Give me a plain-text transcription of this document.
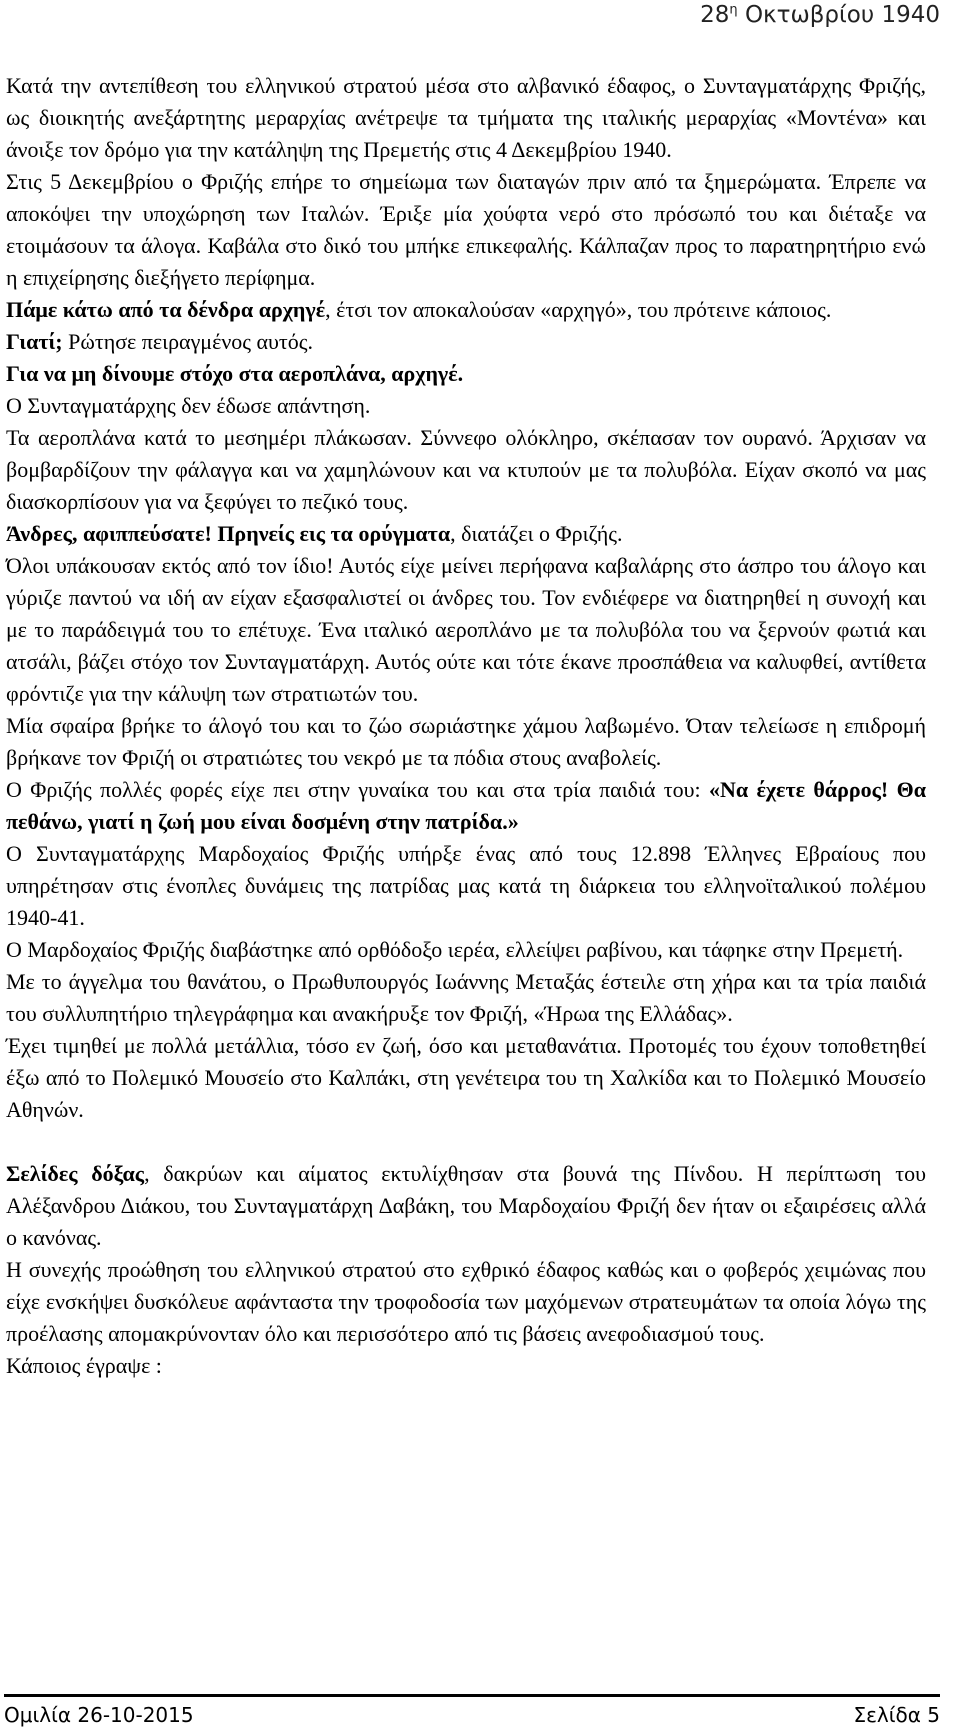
$28^\eta$ Οκτωβρίου 1940

Κατά την αντεπίθεση του ελληνικού στρατού μέσα στο αλβανικό έδαφος, ο Συνταγματάρχης Φριζής, ως διοικητής ανεξάρτητης μεραρχίας ανέτρεψε τα τμήματα της ιταλικής μεραρχίας «Μοντένα» και άνοιξε τον δρόμο για την κατάληψη της Πρεμετής στις 4 Δεκεμβρίου 1940.

Στις 5 Δεκεμβρίου ο Φριζής επήρε το σημείωμα των διαταγών πριν από τα ξημερώματα. Έπρεπε να αποκόψει την υποχώρηση των Ιταλών. Έριξε μία χούφτα νερό στο πρόσωπό του και διέταξε να ετοιμάσουν τα άλογα. Καβάλα στο δικό του μπήκε επικεφαλής. Κάλπαζαν προς το παρατηρητήριο ενώ η επιχείρησης διεξήγετο περίφημα.

Πάμε κάτω από τα δένδρα αρχηγέ, έτσι τον αποκαλούσαν «αρχηγό», του πρότεινε κάποιος.

Γιατί; Ρώτησε πειραγμένος αυτός.

Για να μη δίνουμε στόχο στα αεροπλάνα, αρχηγέ.

Ο Συνταγματάρχης δεν έδωσε απάντηση.

Τα αεροπλάνα κατά το μεσημέρι πλάκωσαν. Σύννεφο ολόκληρο, σκέπασαν τον ουρανό. Άρχισαν να βομβαρδίζουν την φάλαγγα και να χαμηλώνουν και να κτυπούν με τα πολυβόλα. Είχαν σκοπό να μας διασκορπίσουν για να ξεφύγει το πεζικό τους.

Άνδρες, αφιππεύσατε! Πρηνείς εις τα ορύγματα, διατάζει ο Φριζής.

Όλοι υπάκουσαν εκτός από τον ίδιο! Αυτός είχε μείνει περήφανα καβαλάρης στο άσπρο του άλογο και γύριζε παντού να ιδή αν είχαν εξασφαλιστεί οι άνδρες του. Τον ενδιέφερε να διατηρηθεί η συνοχή και με το παράδειγμά του το επέτυχε. Ένα ιταλικό αεροπλάνο με τα πολυβόλα του να ξερνούν φωτιά και ατσάλι, βάζει στόχο τον Συνταγματάρχη. Αυτός ούτε και τότε έκανε προσπάθεια να καλυφθεί, αντίθετα φρόντιζε για την κάλυψη των στρατιωτών του.

Μία σφαίρα βρήκε το άλογό του και το ζώο σωριάστηκε χάμου λαβωμένο. Όταν τελείωσε η επιδρομή βρήκανε τον Φριζή οι στρατιώτες του νεκρό με τα πόδια στους αναβολείς.

Ο Φριζής πολλές φορές είχε πει στην γυναίκα του και στα τρία παιδιά του: «Να έχετε θάρρος! Θα πεθάνω, γιατί η ζωή μου είναι δοσμένη στην πατρίδα.»

Ο Συνταγματάρχης Μαρδοχαίος Φριζής υπήρξε ένας από τους 12.898 Έλληνες Εβραίους που υπηρέτησαν στις ένοπλες δυνάμεις της πατρίδας μας κατά τη διάρκεια του ελληνοϊταλικού πολέμου 1940-41.

Ο Μαρδοχαίος Φριζής διαβάστηκε από ορθόδοξο ιερέα, ελλείψει ραβίνου, και τάφηκε στην Πρεμετή.

Με το άγγελμα του θανάτου, ο Πρωθυπουργός Ιωάννης Μεταξάς έστειλε στη χήρα και τα τρία παιδιά του συλλυπητήριο τηλεγράφημα και ανακήρυξε τον Φριζή, «Ήρωα της Ελλάδας».

Έχει τιμηθεί με πολλά μετάλλια, τόσο εν ζωή, όσο και μεταθανάτια. Προτομές του έχουν τοποθετηθεί έξω από το Πολεμικό Μουσείο στο Καλπάκι, στη γενέτειρα του τη Χαλκίδα και το Πολεμικό Μουσείο Αθηνών.

Σελίδες δόξας, δακρύων και αίματος εκτυλίχθησαν στα βουνά της Πίνδου. Η περίπτωση του Αλέξανδρου Διάκου, του Συνταγματάρχη Δαβάκη, του Μαρδοχαίου Φριζή δεν ήταν οι εξαιρέσεις αλλά ο κανόνας.

Η συνεχής προώθηση του ελληνικού στρατού στο εχθρικό έδαφος καθώς και ο φοβερός χειμώνας που είχε ενσκήψει δυσκόλευε αφάνταστα την τροφοδοσία των μαχόμενων στρατευμάτων τα οποία λόγω της προέλασης απομακρύνονταν όλο και περισσότερο από τις βάσεις ανεφοδιασμού τους.

Κάποιος έγραψε :

Ομιλία 26-10-2015	Σελίδα 5
